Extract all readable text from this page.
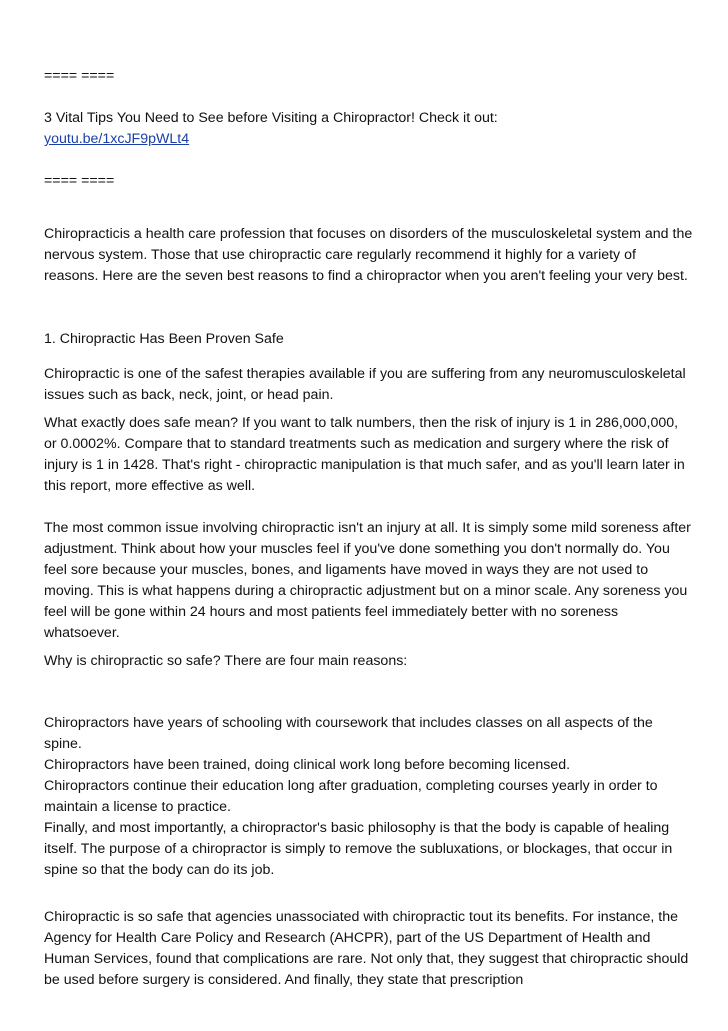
==== ====
3 Vital Tips You Need to See before Visiting a Chiropractor! Check it out:
youtu.be/1xcJF9pWLt4
==== ====

Chiropracticis a health care profession that focuses on disorders of the musculoskeletal system and the nervous system. Those that use chiropractic care regularly recommend it highly for a variety of reasons. Here are the seven best reasons to find a chiropractor when you aren't feeling your very best.

1. Chiropractic Has Been Proven Safe

Chiropractic is one of the safest therapies available if you are suffering from any neuromusculoskeletal issues such as back, neck, joint, or head pain.

What exactly does safe mean? If you want to talk numbers, then the risk of injury is 1 in 286,000,000, or 0.0002%. Compare that to standard treatments such as medication and surgery where the risk of injury is 1 in 1428. That's right - chiropractic manipulation is that much safer, and as you'll learn later in this report, more effective as well.

The most common issue involving chiropractic isn't an injury at all. It is simply some mild soreness after adjustment. Think about how your muscles feel if you've done something you don't normally do. You feel sore because your muscles, bones, and ligaments have moved in ways they are not used to moving. This is what happens during a chiropractic adjustment but on a minor scale. Any soreness you feel will be gone within 24 hours and most patients feel immediately better with no soreness whatsoever.

Why is chiropractic so safe? There are four main reasons:

Chiropractors have years of schooling with coursework that includes classes on all aspects of the spine.
Chiropractors have been trained, doing clinical work long before becoming licensed.
Chiropractors continue their education long after graduation, completing courses yearly in order to maintain a license to practice.
Finally, and most importantly, a chiropractor's basic philosophy is that the body is capable of healing itself. The purpose of a chiropractor is simply to remove the subluxations, or blockages, that occur in spine so that the body can do its job.

Chiropractic is so safe that agencies unassociated with chiropractic tout its benefits. For instance, the Agency for Health Care Policy and Research (AHCPR), part of the US Department of Health and Human Services, found that complications are rare. Not only that, they suggest that chiropractic should be used before surgery is considered. And finally, they state that prescription
